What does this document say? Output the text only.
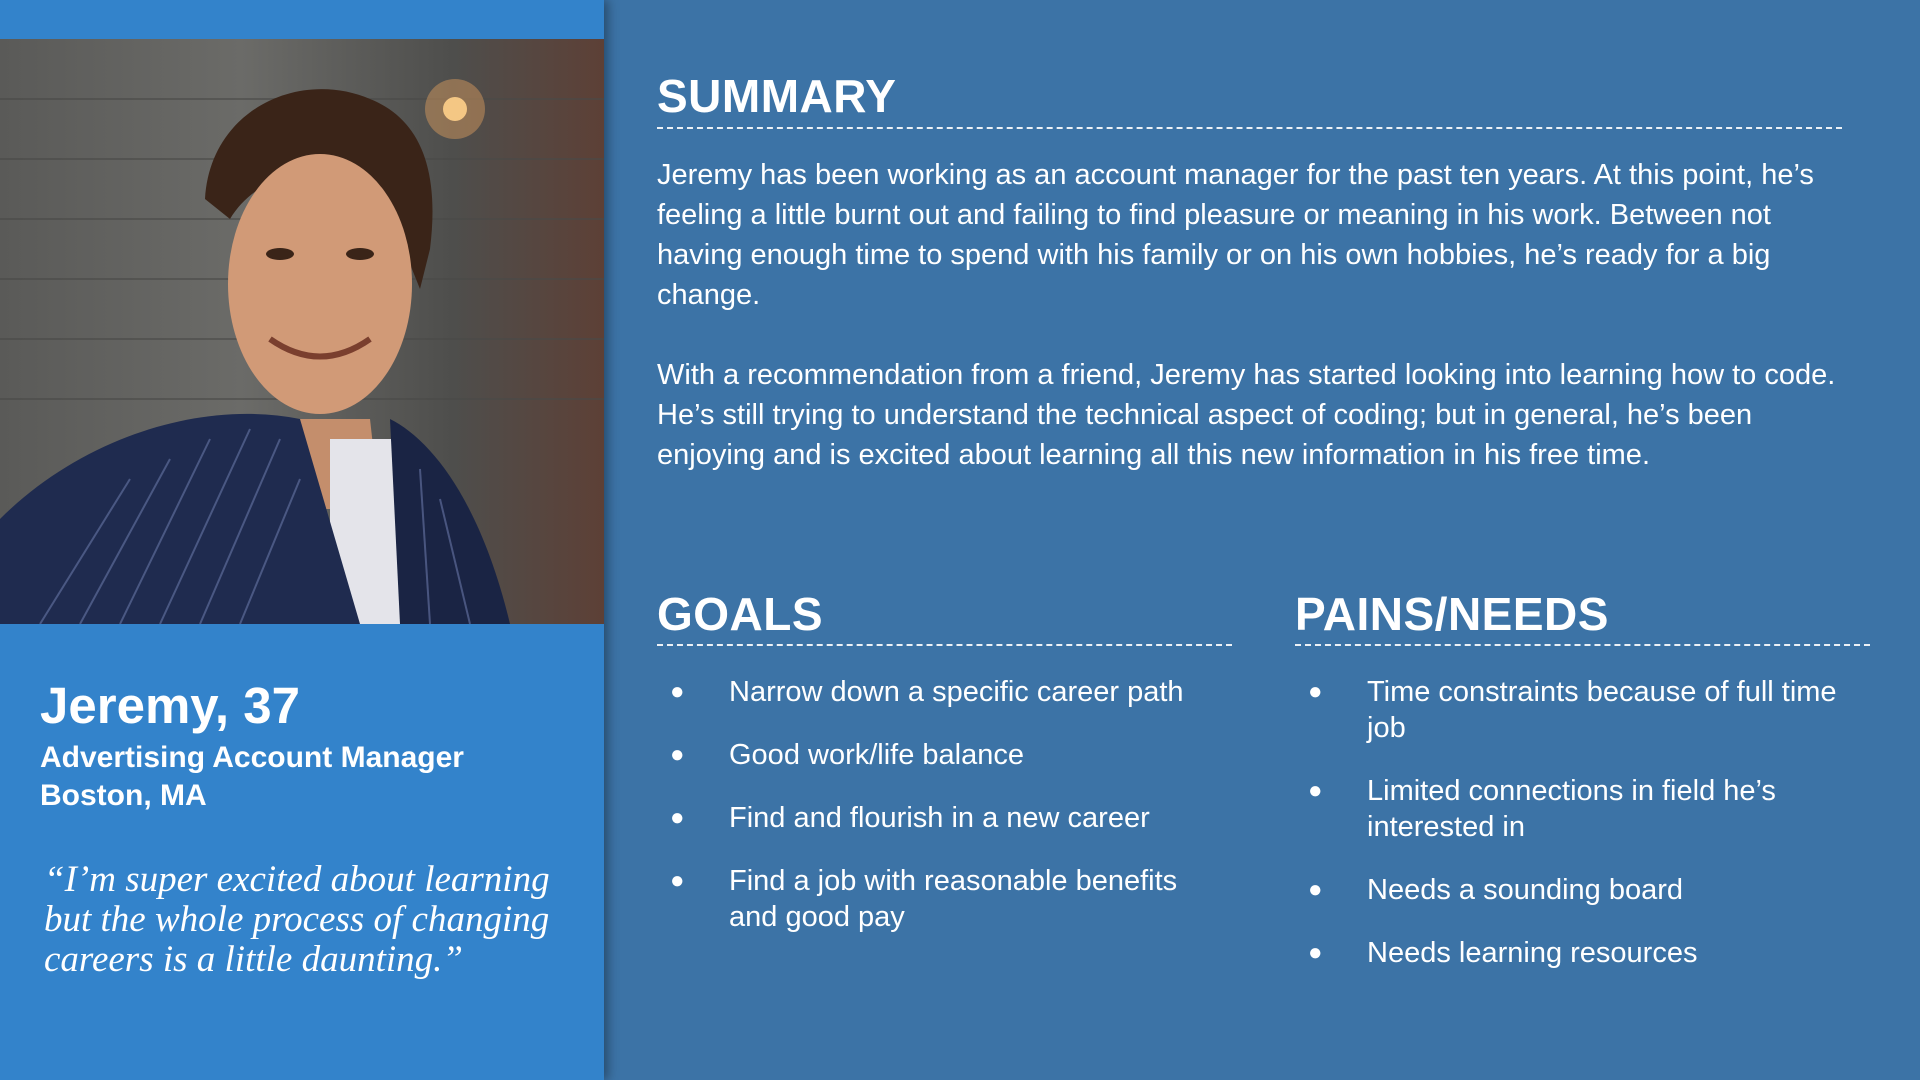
Jeremy, 37
Advertising Account Manager
Boston, MA
“I’m super excited about learning but the whole process of changing careers is a little daunting.”
SUMMARY

Jeremy has been working as an account manager for the past ten years. At this point, he’s feeling a little burnt out and failing to find pleasure or meaning in his work. Between not having enough time to spend with his family or on his own hobbies, he’s ready for a big change.

With a recommendation from a friend, Jeremy has started looking into learning how to code. He’s still trying to understand the technical aspect of coding; but in general, he’s been enjoying and is excited about learning all this new information in his free time.

GOALS
● Narrow down a specific career path
● Good work/life balance
● Find and flourish in a new career
● Find a job with reasonable benefits and good pay
PAINS/NEEDS
● Time constraints because of full time job
● Limited connections in field he’s interested in
● Needs a sounding board
● Needs learning resources
